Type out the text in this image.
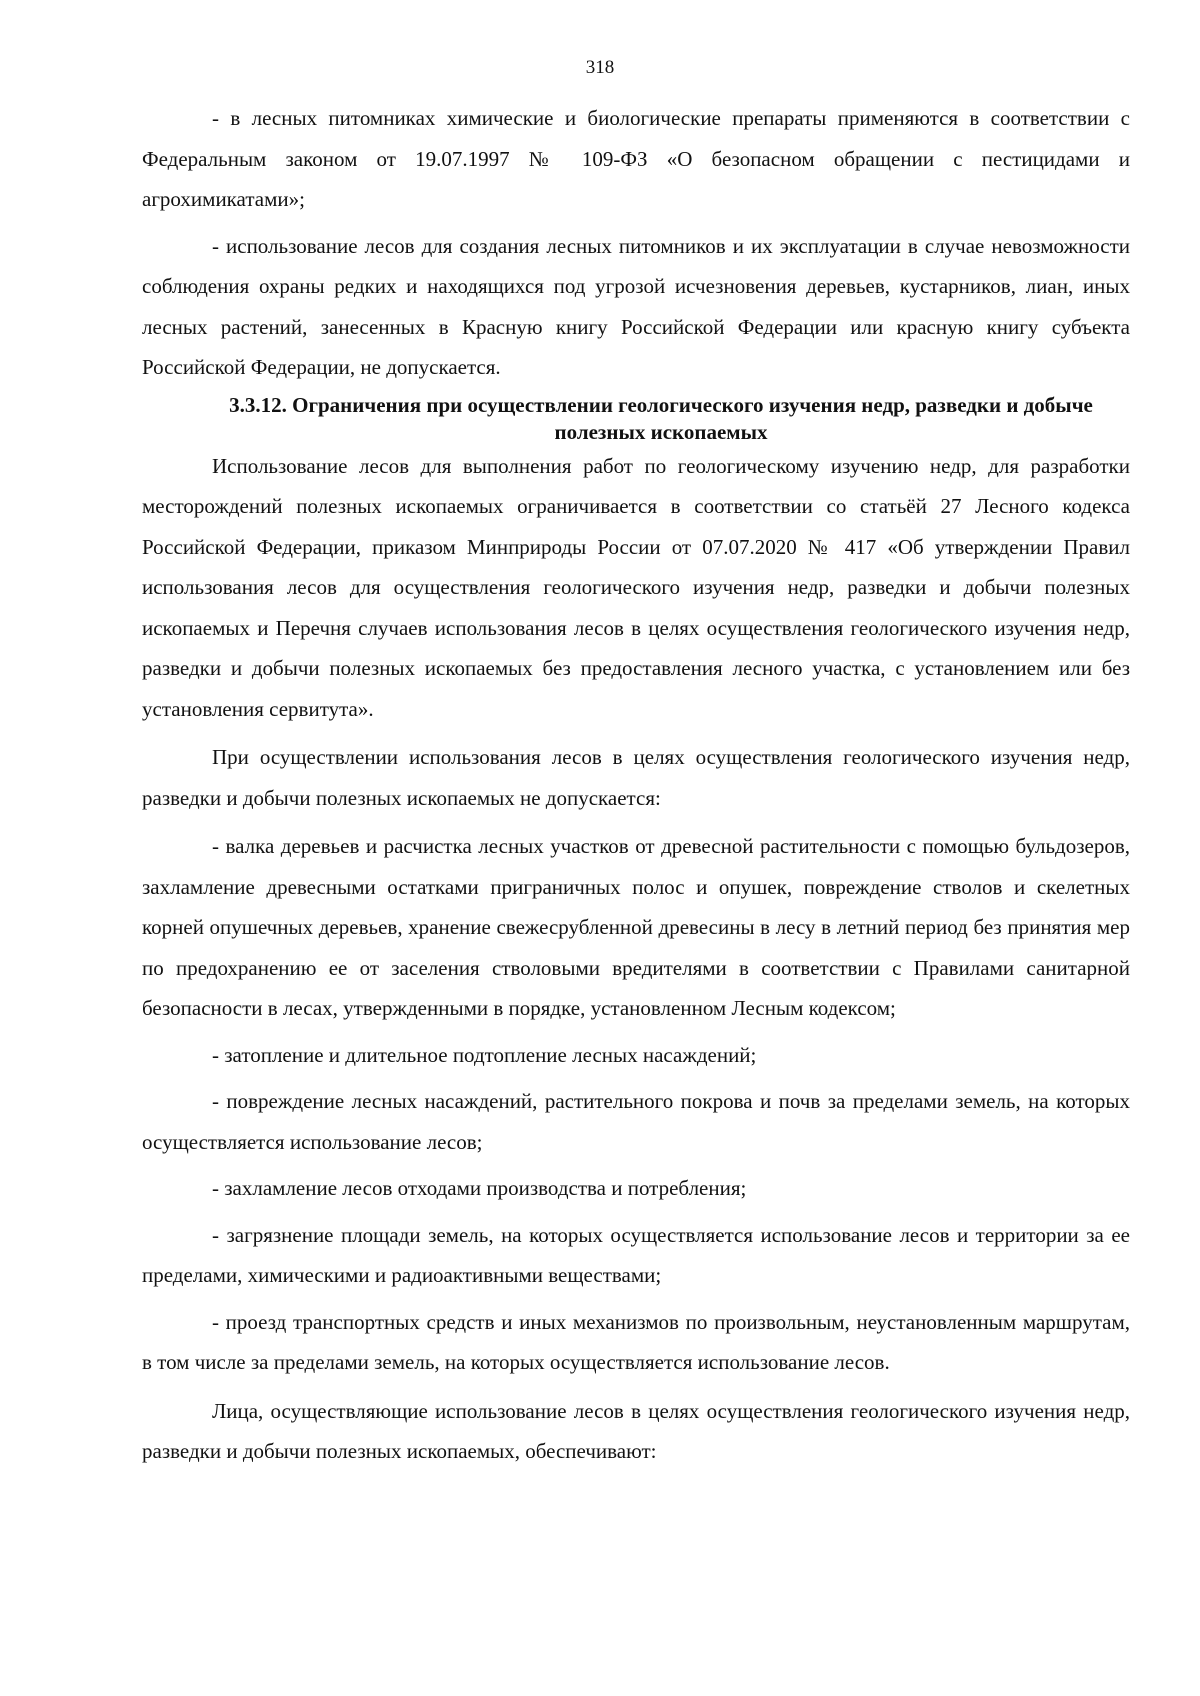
318

- в лесных питомниках химические и биологические препараты применяются в соответствии с Федеральным законом от 19.07.1997 № 109-ФЗ «О безопасном обращении с пестицидами и агрохимикатами»;

- использование лесов для создания лесных питомников и их эксплуатации в случае невозможности соблюдения охраны редких и находящихся под угрозой исчезновения деревьев, кустарников, лиан, иных лесных растений, занесенных в Красную книгу Российской Федерации или красную книгу субъекта Российской Федерации, не допускается.

3.3.12. Ограничения при осуществлении геологического изучения недр, разведки и добыче полезных ископаемых

Использование лесов для выполнения работ по геологическому изучению недр, для разработки месторождений полезных ископаемых ограничивается в соответствии со статьёй 27 Лесного кодекса Российской Федерации, приказом Минприроды России от 07.07.2020 № 417 «Об утверждении Правил использования лесов для осуществления геологического изучения недр, разведки и добычи полезных ископаемых и Перечня случаев использования лесов в целях осуществления геологического изучения недр, разведки и добычи полезных ископаемых без предоставления лесного участка, с установлением или без установления сервитута».

При осуществлении использования лесов в целях осуществления геологического изучения недр, разведки и добычи полезных ископаемых не допускается:

- валка деревьев и расчистка лесных участков от древесной растительности с помощью бульдозеров, захламление древесными остатками приграничных полос и опушек, повреждение стволов и скелетных корней опушечных деревьев, хранение свежесрубленной древесины в лесу в летний период без принятия мер по предохранению ее от заселения стволовыми вредителями в соответствии с Правилами санитарной безопасности в лесах, утвержденными в порядке, установленном Лесным кодексом;

- затопление и длительное подтопление лесных насаждений;

- повреждение лесных насаждений, растительного покрова и почв за пределами земель, на которых осуществляется использование лесов;

- захламление лесов отходами производства и потребления;

- загрязнение площади земель, на которых осуществляется использование лесов и территории за ее пределами, химическими и радиоактивными веществами;

- проезд транспортных средств и иных механизмов по произвольным, неустановленным маршрутам, в том числе за пределами земель, на которых осуществляется использование лесов.

Лица, осуществляющие использование лесов в целях осуществления геологического изучения недр, разведки и добычи полезных ископаемых, обеспечивают:
